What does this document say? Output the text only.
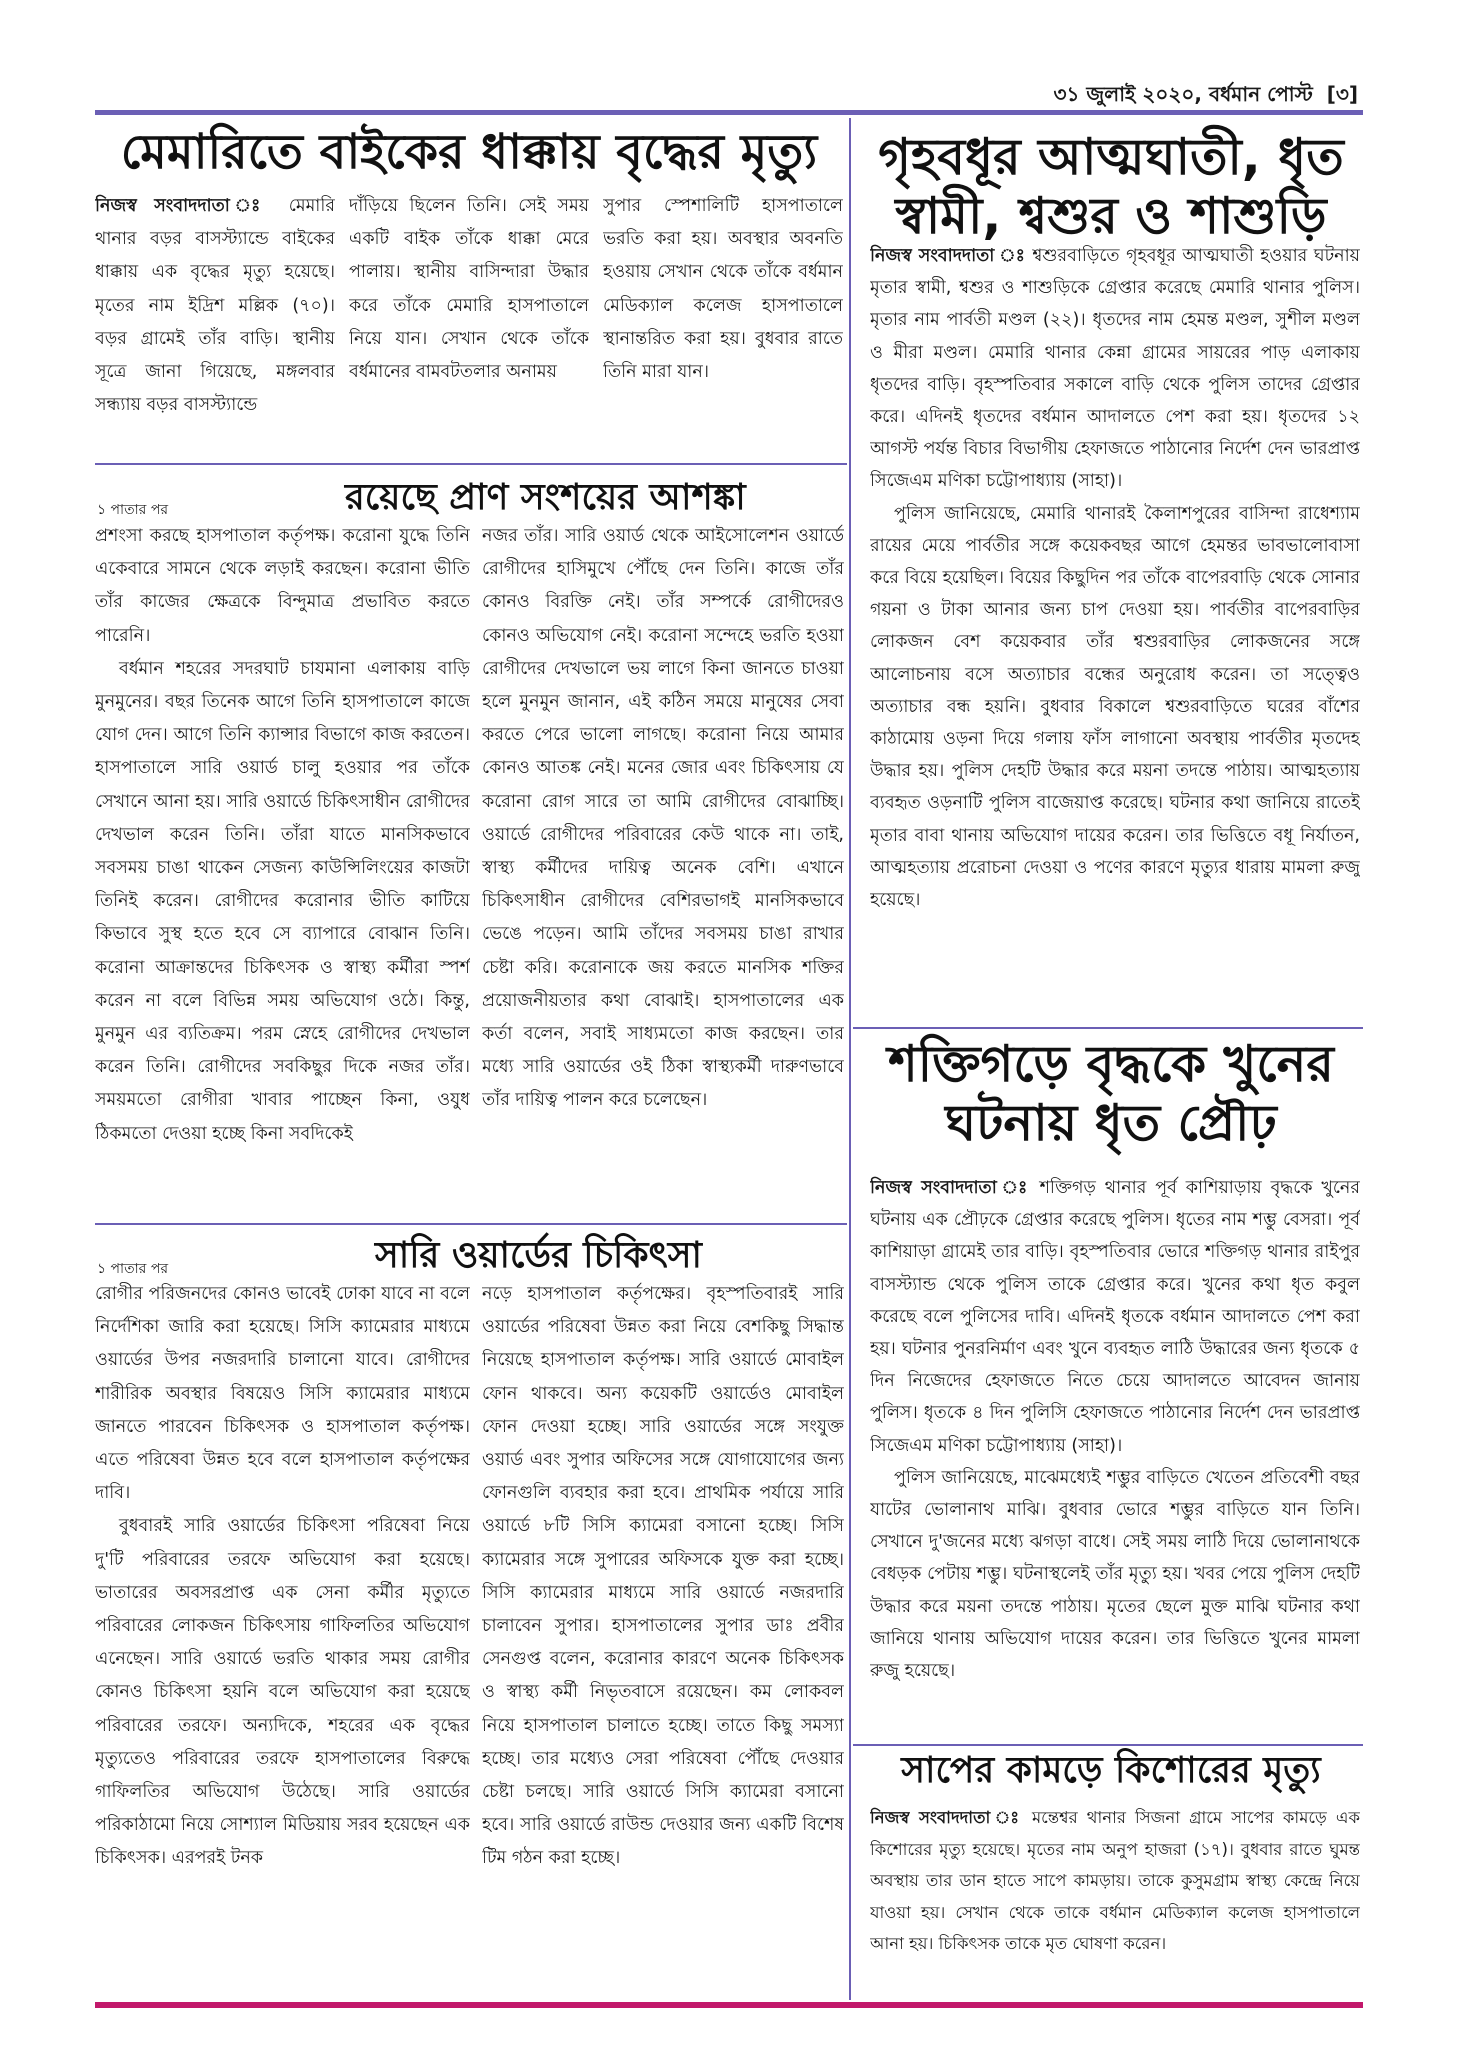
৩১ জুলাই ২০২০, বর্ধমান পোস্ট [৩]
মেমারিতে বাইকের ধাক্কায় বৃদ্ধের মৃত্যু

নিজস্ব সংবাদদাতা ঃ মেমারি থানার বড়র বাসস্ট্যান্ডে বাইকের ধাক্কায় এক বৃদ্ধের মৃত্যু হয়েছে। মৃতের নাম ইদ্রিশ মল্লিক (৭০)। বড়র গ্রামেই তাঁর বাড়ি। স্থানীয় সূত্রে জানা গিয়েছে, মঙ্গলবার সন্ধ্যায় বড়র বাসস্ট্যান্ডে

দাঁড়িয়ে ছিলেন তিনি। সেই সময় একটি বাইক তাঁকে ধাক্কা মেরে পালায়। স্থানীয় বাসিন্দারা উদ্ধার করে তাঁকে মেমারি হাসপাতালে নিয়ে যান। সেখান থেকে তাঁকে বর্ধমানের বামবটতলার অনাময়

সুপার স্পেশালিটি হাসপাতালে ভরতি করা হয়। অবস্থার অবনতি হওয়ায় সেখান থেকে তাঁকে বর্ধমান মেডিক্যাল কলেজ হাসপাতালে স্থানান্তরিত করা হয়। বুধবার রাতে তিনি মারা যান।

১ পাতার পর	রয়েছে প্রাণ সংশয়ের আশঙ্কা

প্রশংসা করছে হাসপাতাল কর্তৃপক্ষ। করোনা যুদ্ধে তিনি একেবারে সামনে থেকে লড়াই করছেন। করোনা ভীতি তাঁর কাজের ক্ষেত্রকে বিন্দুমাত্র প্রভাবিত করতে পারেনি।

বর্ধমান শহরের সদরঘাট চাযমানা এলাকায় বাড়ি মুনমুনের। বছর তিনেক আগে তিনি হাসপাতালে কাজে যোগ দেন। আগে তিনি ক্যান্সার বিভাগে কাজ করতেন। হাসপাতালে সারি ওয়ার্ড চালু হওয়ার পর তাঁকে সেখানে আনা হয়। সারি ওয়ার্ডে চিকিৎসাধীন রোগীদের দেখভাল করেন তিনি। তাঁরা যাতে মানসিকভাবে সবসময় চাঙা থাকেন সেজন্য কাউন্সিলিংয়ের কাজটা তিনিই করেন। রোগীদের করোনার ভীতি কাটিয়ে কিভাবে সুস্থ হতে হবে সে ব্যাপারে বোঝান তিনি। করোনা আক্রান্তদের চিকিৎসক ও স্বাস্থ্য কর্মীরা স্পর্শ করেন না বলে বিভিন্ন সময় অভিযোগ ওঠে। কিন্তু, মুনমুন এর ব্যতিক্রম। পরম স্নেহে রোগীদের দেখভাল করেন তিনি। রোগীদের সবকিছুর দিকে নজর তাঁর। সময়মতো রোগীরা খাবার পাচ্ছেন কিনা, ওযুধ ঠিকমতো দেওয়া হচ্ছে কিনা সবদিকেই

নজর তাঁর। সারি ওয়ার্ড থেকে আইসোলেশন ওয়ার্ডে রোগীদের হাসিমুখে পৌঁছে দেন তিনি। কাজে তাঁর কোনও বিরক্তি নেই। তাঁর সম্পর্কে রোগীদেরও কোনও অভিযোগ নেই। করোনা সন্দেহে ভরতি হওয়া রোগীদের দেখভালে ভয় লাগে কিনা জানতে চাওয়া হলে মুনমুন জানান, এই কঠিন সময়ে মানুষের সেবা করতে পেরে ভালো লাগছে। করোনা নিয়ে আমার কোনও আতঙ্ক নেই। মনের জোর এবং চিকিৎসায় যে করোনা রোগ সারে তা আমি রোগীদের বোঝাচ্ছি। ওয়ার্ডে রোগীদের পরিবারের কেউ থাকে না। তাই, স্বাস্থ্য কর্মীদের দায়িত্ব অনেক বেশি। এখানে চিকিৎসাধীন রোগীদের বেশিরভাগই মানসিকভাবে ভেঙে পড়েন। আমি তাঁদের সবসময় চাঙা রাখার চেষ্টা করি। করোনাকে জয় করতে মানসিক শক্তির প্রয়োজনীয়তার কথা বোঝাই। হাসপাতালের এক কর্তা বলেন, সবাই সাধ্যমতো কাজ করছেন। তার মধ্যে সারি ওয়ার্ডের ওই ঠিকা স্বাস্থ্যকর্মী দারুণভাবে তাঁর দায়িত্ব পালন করে চলেছেন।

১ পাতার পর	সারি ওয়ার্ডের চিকিৎসা

রোগীর পরিজনদের কোনও ভাবেই ঢোকা যাবে না বলে নির্দেশিকা জারি করা হয়েছে। সিসি ক্যামেরার মাধ্যমে ওয়ার্ডের উপর নজরদারি চালানো যাবে। রোগীদের শারীরিক অবস্থার বিষয়েও সিসি ক্যামেরার মাধ্যমে জানতে পারবেন চিকিৎসক ও হাসপাতাল কর্তৃপক্ষ। এতে পরিষেবা উন্নত হবে বলে হাসপাতাল কর্তৃপক্ষের দাবি।

বুধবারই সারি ওয়ার্ডের চিকিৎসা পরিষেবা নিয়ে দু'টি পরিবারের তরফে অভিযোগ করা হয়েছে। ভাতারের অবসরপ্রাপ্ত এক সেনা কর্মীর মৃত্যুতে পরিবারের লোকজন চিকিৎসায় গাফিলতির অভিযোগ এনেছেন। সারি ওয়ার্ডে ভরতি থাকার সময় রোগীর কোনও চিকিৎসা হয়নি বলে অভিযোগ করা হয়েছে পরিবারের তরফে। অন্যদিকে, শহরের এক বৃদ্ধের মৃত্যুতেও পরিবারের তরফে হাসপাতালের বিরুদ্ধে গাফিলতির অভিযোগ উঠেছে। সারি ওয়ার্ডের পরিকাঠামো নিয়ে সোশ্যাল মিডিয়ায় সরব হয়েছেন এক চিকিৎসক। এরপরই টনক

নড়ে হাসপাতাল কর্তৃপক্ষের। বৃহস্পতিবারই সারি ওয়ার্ডের পরিষেবা উন্নত করা নিয়ে বেশকিছু সিদ্ধান্ত নিয়েছে হাসপাতাল কর্তৃপক্ষ। সারি ওয়ার্ডে মোবাইল ফোন থাকবে। অন্য কয়েকটি ওয়ার্ডেও মোবাইল ফোন দেওয়া হচ্ছে। সারি ওয়ার্ডের সঙ্গে সংযুক্ত ওয়ার্ড এবং সুপার অফিসের সঙ্গে যোগাযোগের জন্য ফোনগুলি ব্যবহার করা হবে। প্রাথমিক পর্যায়ে সারি ওয়ার্ডে ৮টি সিসি ক্যামেরা বসানো হচ্ছে। সিসি ক্যামেরার সঙ্গে সুপারের অফিসকে যুক্ত করা হচ্ছে। সিসি ক্যামেরার মাধ্যমে সারি ওয়ার্ডে নজরদারি চালাবেন সুপার। হাসপাতালের সুপার ডাঃ প্রবীর সেনগুপ্ত বলেন, করোনার কারণে অনেক চিকিৎসক ও স্বাস্থ্য কর্মী নিভৃতবাসে রয়েছেন। কম লোকবল নিয়ে হাসপাতাল চালাতে হচ্ছে। তাতে কিছু সমস্যা হচ্ছে। তার মধ্যেও সেরা পরিষেবা পৌঁছে দেওয়ার চেষ্টা চলছে। সারি ওয়ার্ডে সিসি ক্যামেরা বসানো হবে। সারি ওয়ার্ডে রাউন্ড দেওয়ার জন্য একটি বিশেষ টিম গঠন করা হচ্ছে।

গৃহবধূর আত্মঘাতী, ধৃত
স্বামী, শ্বশুর ও শাশুড়ি

নিজস্ব সংবাদদাতা ঃ শ্বশুরবাড়িতে গৃহবধূর আত্মঘাতী হওয়ার ঘটনায় মৃতার স্বামী, শ্বশুর ও শাশুড়িকে গ্রেপ্তার করেছে মেমারি থানার পুলিস। মৃতার নাম পার্বতী মণ্ডল (২২)। ধৃতদের নাম হেমন্ত মণ্ডল, সুশীল মণ্ডল ও মীরা মণ্ডল। মেমারি থানার কেন্না গ্রামের সায়রের পাড় এলাকায় ধৃতদের বাড়ি। বৃহস্পতিবার সকালে বাড়ি থেকে পুলিস তাদের গ্রেপ্তার করে। এদিনই ধৃতদের বর্ধমান আদালতে পেশ করা হয়। ধৃতদের ১২ আগস্ট পর্যন্ত বিচার বিভাগীয় হেফাজতে পাঠানোর নির্দেশ দেন ভারপ্রাপ্ত সিজেএম মণিকা চট্টোপাধ্যায় (সাহা)।

পুলিস জানিয়েছে, মেমারি থানারই কৈলাশপুরের বাসিন্দা রাধেশ্যাম রায়ের মেয়ে পার্বতীর সঙ্গে কয়েকবছর আগে হেমন্তর ভাবভালোবাসা করে বিয়ে হয়েছিল। বিয়ের কিছুদিন পর তাঁকে বাপেরবাড়ি থেকে সোনার গয়না ও টাকা আনার জন্য চাপ দেওয়া হয়। পার্বতীর বাপেরবাড়ির লোকজন বেশ কয়েকবার তাঁর শ্বশুরবাড়ির লোকজনের সঙ্গে আলোচনায় বসে অত্যাচার বন্ধের অনুরোধ করেন। তা সত্ত্বেও অত্যাচার বন্ধ হয়নি। বুধবার বিকালে শ্বশুরবাড়িতে ঘরের বাঁশের কাঠামোয় ওড়না দিয়ে গলায় ফাঁস লাগানো অবস্থায় পার্বতীর মৃতদেহ উদ্ধার হয়। পুলিস দেহটি উদ্ধার করে ময়না তদন্তে পাঠায়। আত্মহত্যায় ব্যবহৃত ওড়নাটি পুলিস বাজেয়াপ্ত করেছে। ঘটনার কথা জানিয়ে রাতেই মৃতার বাবা থানায় অভিযোগ দায়ের করেন। তার ভিত্তিতে বধূ নির্যাতন, আত্মহত্যায় প্ররোচনা দেওয়া ও পণের কারণে মৃত্যুর ধারায় মামলা রুজু হয়েছে।

শক্তিগড়ে বৃদ্ধকে খুনের
ঘটনায় ধৃত প্রৌঢ়

নিজস্ব সংবাদদাতা ঃ শক্তিগড় থানার পূর্ব কাশিয়াড়ায় বৃদ্ধকে খুনের ঘটনায় এক প্রৌঢ়কে গ্রেপ্তার করেছে পুলিস। ধৃতের নাম শম্ভু বেসরা। পূর্ব কাশিয়াড়া গ্রামেই তার বাড়ি। বৃহস্পতিবার ভোরে শক্তিগড় থানার রাইপুর বাসস্ট্যান্ড থেকে পুলিস তাকে গ্রেপ্তার করে। খুনের কথা ধৃত কবুল করেছে বলে পুলিসের দাবি। এদিনই ধৃতকে বর্ধমান আদালতে পেশ করা হয়। ঘটনার পুনরনির্মাণ এবং খুনে ব্যবহৃত লাঠি উদ্ধারের জন্য ধৃতকে ৫ দিন নিজেদের হেফাজতে নিতে চেয়ে আদালতে আবেদন জানায় পুলিস। ধৃতকে ৪ দিন পুলিসি হেফাজতে পাঠানোর নির্দেশ দেন ভারপ্রাপ্ত সিজেএম মণিকা চট্টোপাধ্যায় (সাহা)।

পুলিস জানিয়েছে, মাঝেমধ্যেই শম্ভুর বাড়িতে খেতেন প্রতিবেশী বছর যাটের ভোলানাথ মাঝি। বুধবার ভোরে শম্ভুর বাড়িতে যান তিনি। সেখানে দু'জনের মধ্যে ঝগড়া বাধে। সেই সময় লাঠি দিয়ে ভোলানাথকে বেধড়ক পেটায় শম্ভু। ঘটনাস্থলেই তাঁর মৃত্যু হয়। খবর পেয়ে পুলিস দেহটি উদ্ধার করে ময়না তদন্তে পাঠায়। মৃতের ছেলে মুক্ত মাঝি ঘটনার কথা জানিয়ে থানায় অভিযোগ দায়ের করেন। তার ভিত্তিতে খুনের মামলা রুজু হয়েছে।

সাপের কামড়ে কিশোরের মৃত্যু

নিজস্ব সংবাদদাতা ঃ মন্তেশ্বর থানার সিজনা গ্রামে সাপের কামড়ে এক কিশোরের মৃত্যু হয়েছে। মৃতের নাম অনুপ হাজরা (১৭)। বুধবার রাতে ঘুমন্ত অবস্থায় তার ডান হাতে সাপে কামড়ায়। তাকে কুসুমগ্রাম স্বাস্থ্য কেন্দ্রে নিয়ে যাওয়া হয়। সেখান থেকে তাকে বর্ধমান মেডিক্যাল কলেজ হাসপাতালে আনা হয়। চিকিৎসক তাকে মৃত ঘোষণা করেন।
